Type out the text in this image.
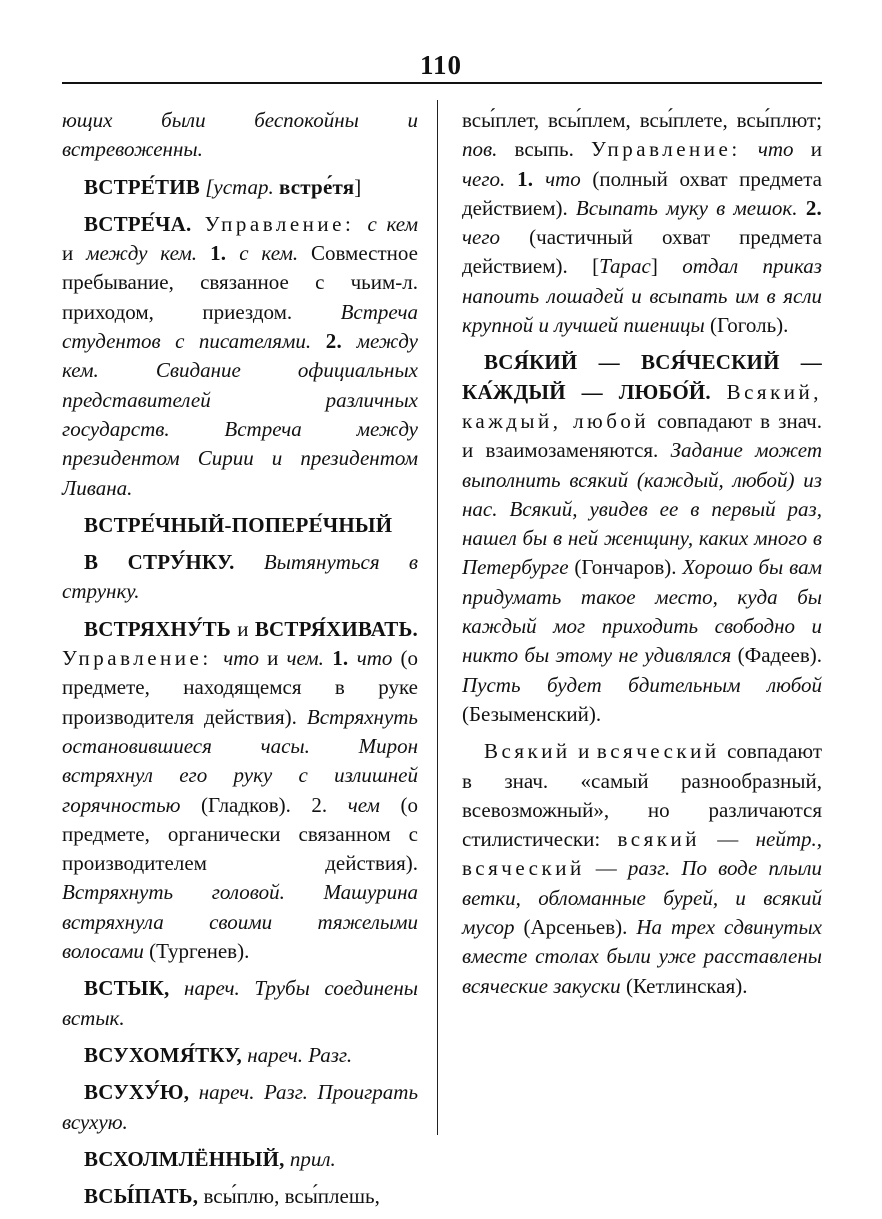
110

ющих были беспокойны и встревоженны.

ВСТРЕ́ТИВ [устар. встре́тя]

ВСТРЕ́ЧА. Управление: с кем и между кем. 1. с кем. Совместное пребывание, связанное с чьим-л. приходом, приездом. Встреча студентов с писателями. 2. между кем. Свидание официальных представителей различных государств. Встреча между президентом Сирии и президентом Ливана.

ВСТРЕ́ЧНЫЙ-ПОПЕРЕ́ЧНЫЙ

В СТРУ́НКУ. Вытянуться в струнку.

ВСТРЯХНУ́ТЬ и ВСТРЯ́ХИВАТЬ. Управление: что и чем. 1. что (о предмете, находящемся в руке производителя действия). Встряхнуть остановившиеся часы. Мирон встряхнул его руку с излишней горячностью (Гладков). 2. чем (о предмете, органически связанном с производителем действия). Встряхнуть головой. Машурина встряхнула своими тяжелыми волосами (Тургенев).

ВСТЫК, нареч. Трубы соединены встык.

ВСУХОМЯ́ТКУ, нареч. Разг.

ВСУХУ́Ю, нареч. Разг. Проиграть всухую.

ВСХОЛМЛЁННЫЙ, прил.

ВСЫ́ПАТЬ, всы́плю, всы́плешь,

всы́плет, всы́плем, всы́плете, всы́плют; пов. всыпь. Управление: что и чего. 1. что (полный охват предмета действием). Всыпать муку в мешок. 2. чего (частичный охват предмета действием). [Тарас] отдал приказ напоить лошадей и всыпать им в ясли крупной и лучшей пшеницы (Гоголь).

ВСЯ́КИЙ — ВСЯ́ЧЕСКИЙ — КА́ЖДЫЙ — ЛЮБО́Й. Всякий, каждый, любой совпадают в знач. и взаимозаменяются. Задание может выполнить всякий (каждый, любой) из нас. Всякий, увидев ее в первый раз, нашел бы в ней женщину, каких много в Петербурге (Гончаров). Хорошо бы вам придумать такое место, куда бы каждый мог приходить свободно и никто бы этому не удивлялся (Фадеев). Пусть будет бдительным любой (Безыменский).

Всякий и всяческий совпадают в знач. «самый разнообразный, всевозможный», но различаются стилистически: всякий — нейтр., всяческий — разг. По воде плыли ветки, обломанные бурей, и всякий мусор (Арсеньев). На трех сдвинутых вместе столах были уже расставлены всяческие закуски (Кетлинская).
